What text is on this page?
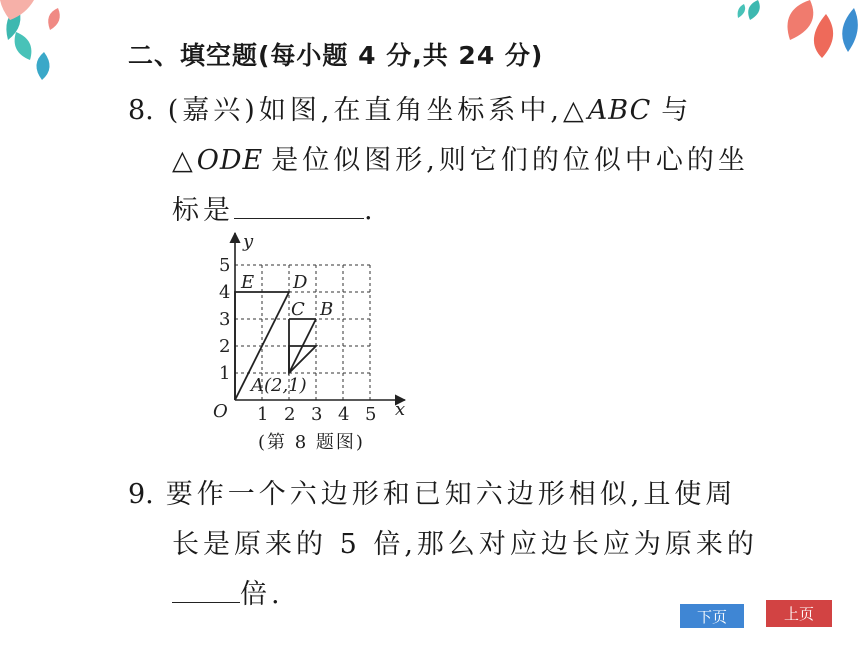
二、填空题(每小题 4 分,共 24 分)
8. (嘉兴)如图,在直角坐标系中,△ABC 与
△ODE 是位似图形,则它们的位似中心的坐
标是	.
1 2 3 4 5
1
2
3
4
5
O	x
y
E D
C B
A(2,1)
(第 8 题图)
9. 要作一个六边形和已知六边形相似,且使周
长是原来的 5 倍,那么对应边长应为原来的
倍.
下页	上页
